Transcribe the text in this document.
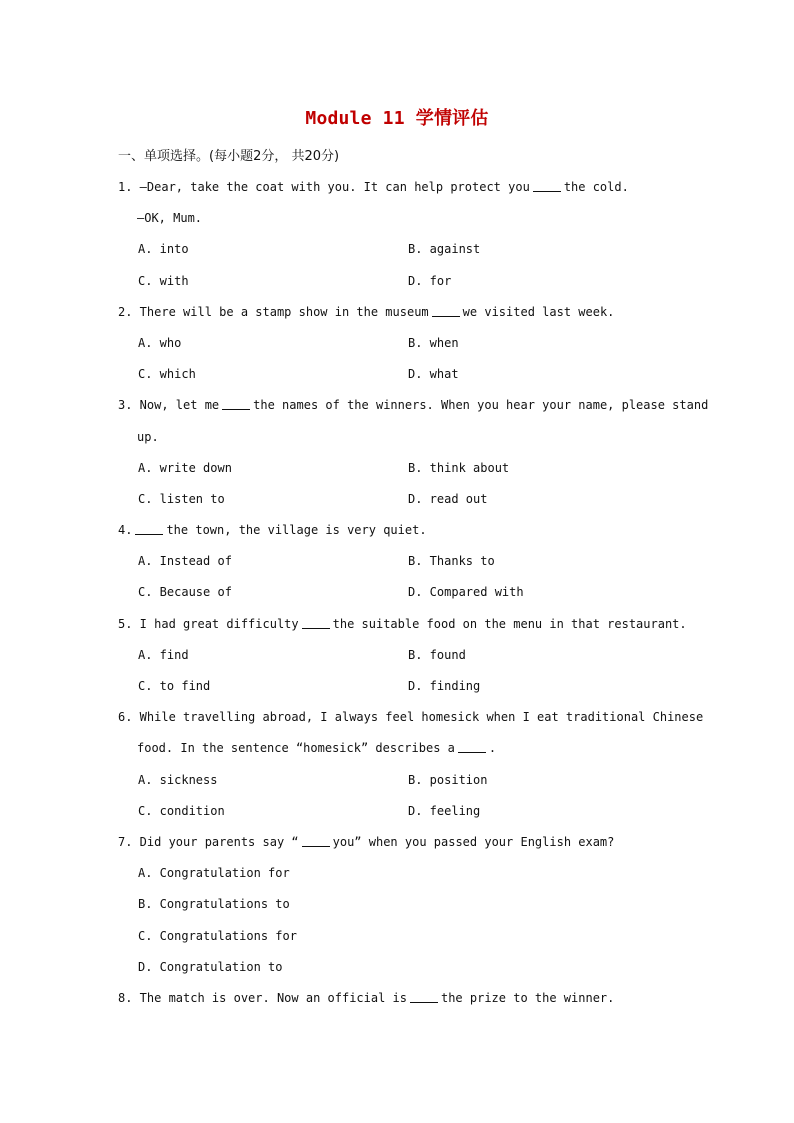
Module 11 学情评估
一、单项选择。(每小题2分， 共20分)
1. —Dear, take the coat with you. It can help protect you	the cold.
—OK, Mum.
A. into	B. against
C. with	D. for
2. There will be a stamp show in the museum	we visited last week.
A. who	B. when
C. which	D. what
3. Now, let me	the names of the winners. When you hear your name, please stand
up.
A. write down	B. think about
C. listen to	D. read out
4.	the town, the village is very quiet.
A. Instead of	B. Thanks to
C. Because of	D. Compared with
5. I had great difficulty	the suitable food on the menu in that restaurant.
A. find	B. found
C. to find	D. finding
6. While travelling abroad, I always feel homesick when I eat traditional Chinese
food. In the sentence “homesick” describes a	.
A. sickness	B. position
C. condition	D. feeling
7. Did your parents say “	you” when you passed your English exam?
A. Congratulation for
B. Congratulations to
C. Congratulations for
D. Congratulation to
8. The match is over. Now an official is	the prize to the winner.
